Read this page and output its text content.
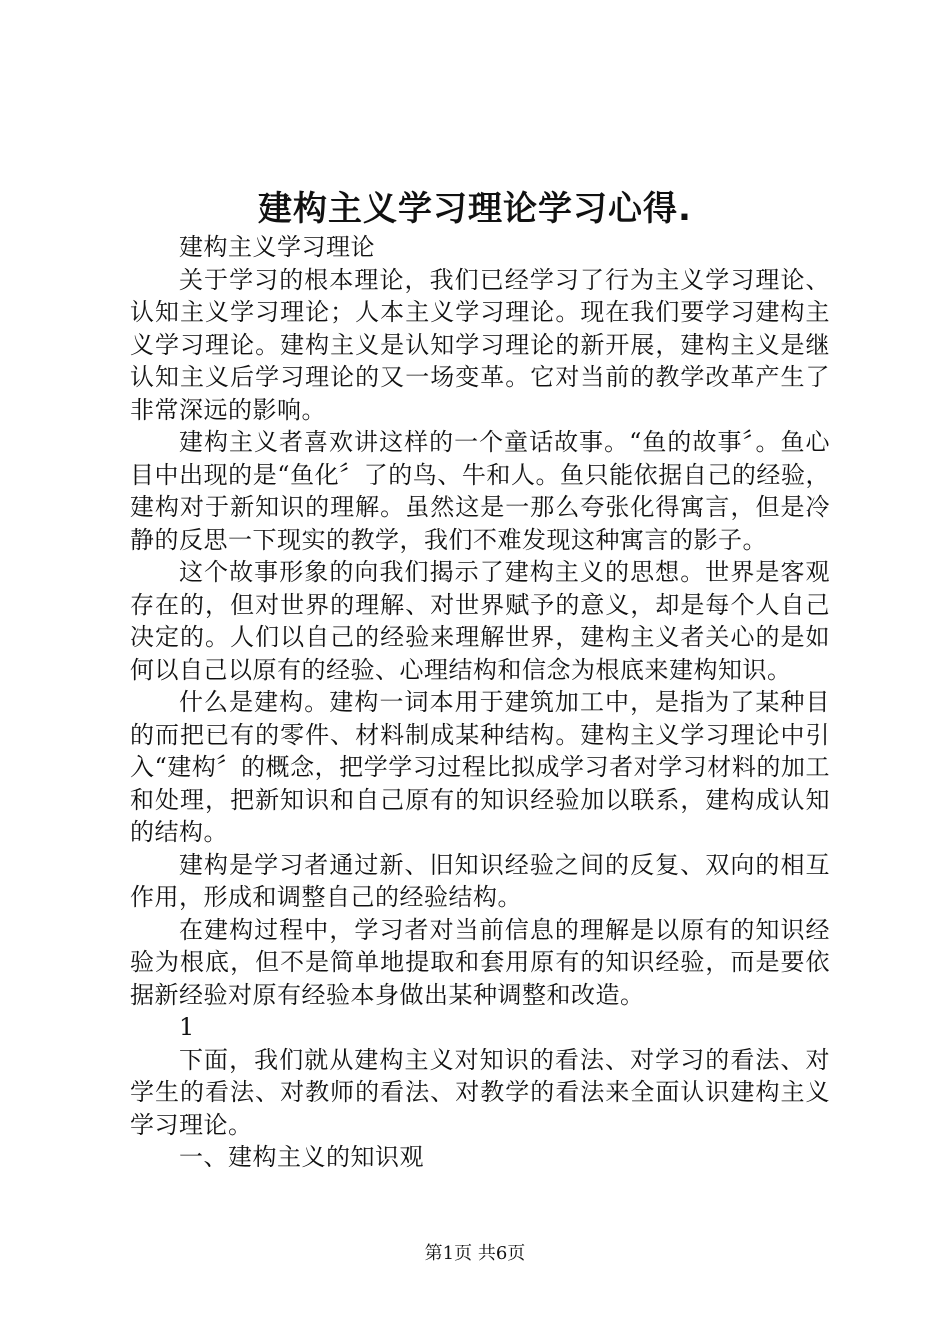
建构主义学习理论学习心得.

建构主义学习理论

关于学习的根本理论，我们已经学习了行为主义学习理论、认知主义学习理论；人本主义学习理论。现在我们要学习建构主义学习理论。建构主义是认知学习理论的新开展，建构主义是继认知主义后学习理论的又一场变革。它对当前的教学改革产生了非常深远的影响。

建构主义者喜欢讲这样的一个童话故事。“鱼的故事〞。鱼心目中出现的是“鱼化〞了的鸟、牛和人。鱼只能依据自己的经验，建构对于新知识的理解。虽然这是一那么夸张化得寓言，但是冷静的反思一下现实的教学，我们不难发现这种寓言的影子。

这个故事形象的向我们揭示了建构主义的思想。世界是客观存在的，但对世界的理解、对世界赋予的意义，却是每个人自己决定的。人们以自己的经验来理解世界，建构主义者关心的是如何以自己以原有的经验、心理结构和信念为根底来建构知识。

什么是建构。建构一词本用于建筑加工中，是指为了某种目的而把已有的零件、材料制成某种结构。建构主义学习理论中引入“建构〞的概念，把学学习过程比拟成学习者对学习材料的加工和处理，把新知识和自己原有的知识经验加以联系，建构成认知的结构。

建构是学习者通过新、旧知识经验之间的反复、双向的相互作用，形成和调整自己的经验结构。

在建构过程中，学习者对当前信息的理解是以原有的知识经验为根底，但不是简单地提取和套用原有的知识经验，而是要依据新经验对原有经验本身做出某种调整和改造。

1

下面，我们就从建构主义对知识的看法、对学习的看法、对学生的看法、对教师的看法、对教学的看法来全面认识建构主义学习理论。

一、建构主义的知识观

第1页 共6页
